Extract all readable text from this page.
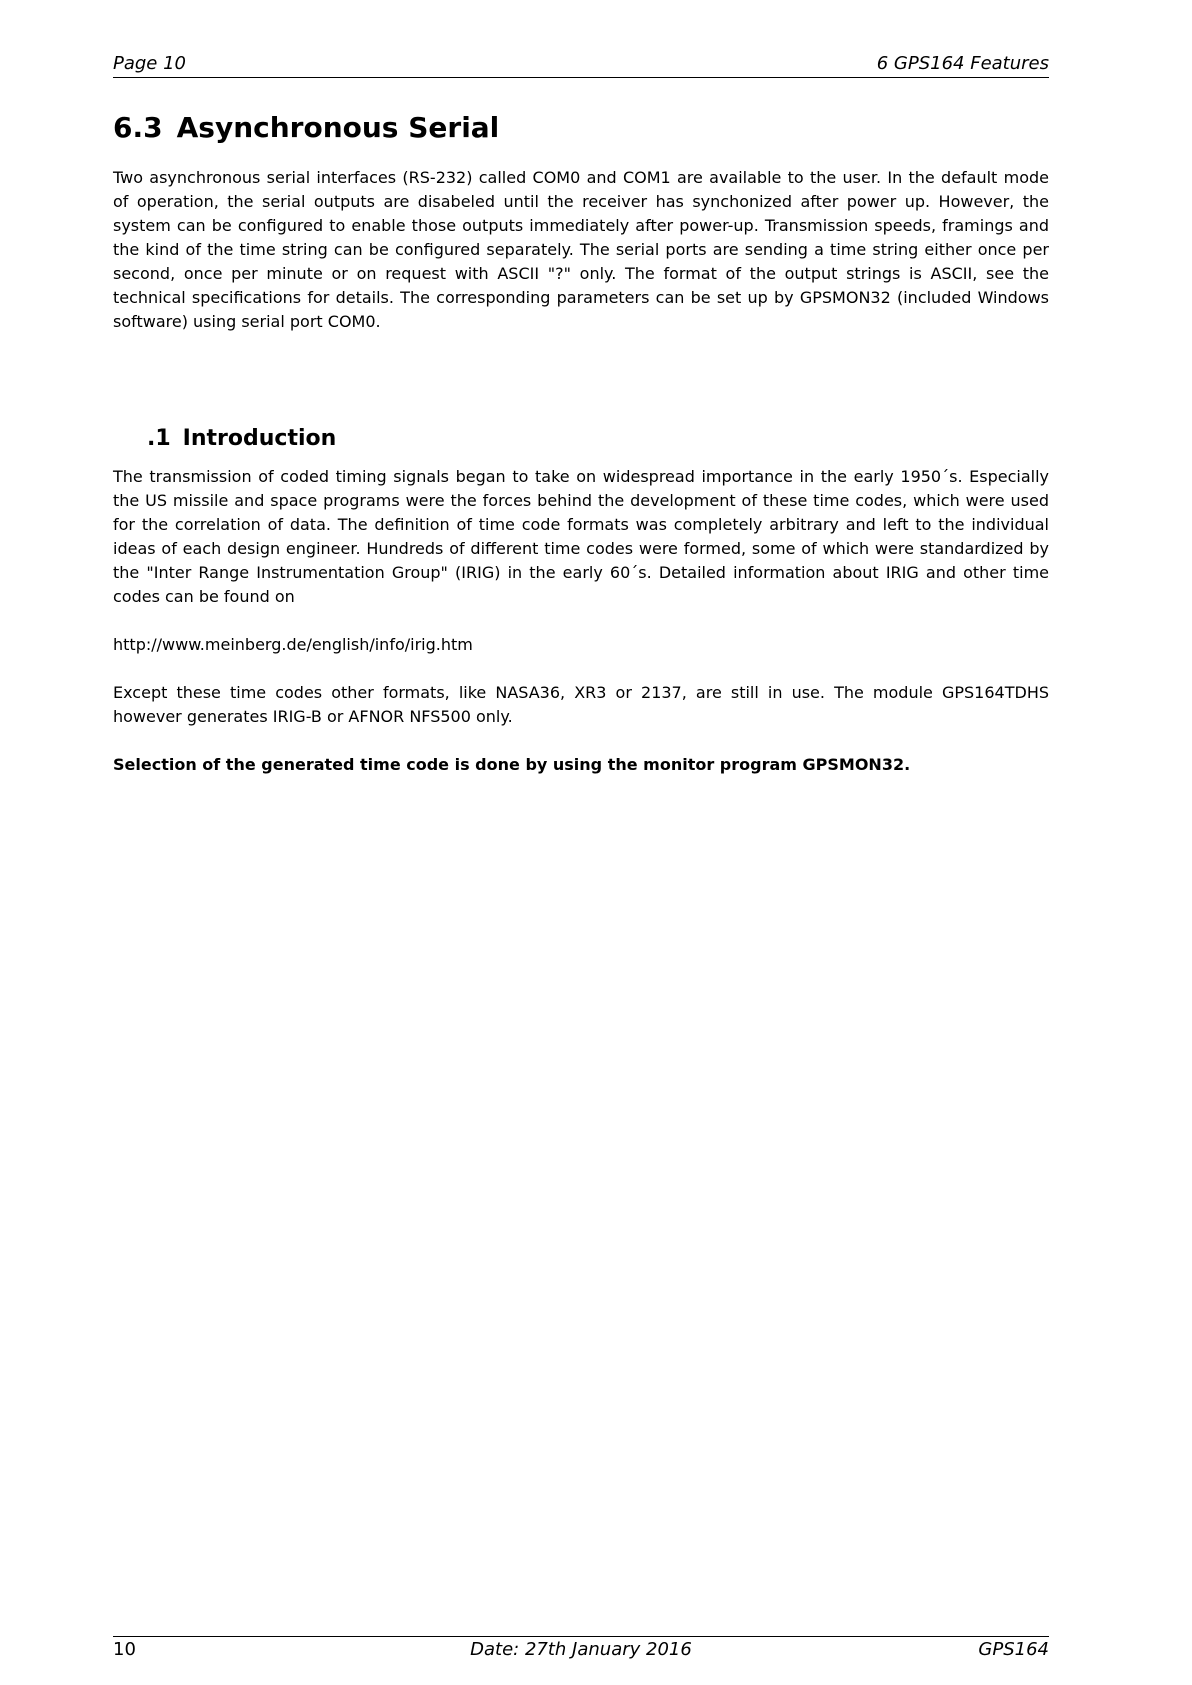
Page 10	6 GPS164 Features
6.3 Asynchronous Serial

Two asynchronous serial interfaces (RS-232) called COM0 and COM1 are available to the user. In the default mode of operation, the serial outputs are disabeled until the receiver has synchonized after power up. However, the system can be configured to enable those outputs immediately after power-up. Transmission speeds, framings and the kind of the time string can be configured separately. The serial ports are sending a time string either once per second, once per minute or on request with ASCII "?" only. The format of the output strings is ASCII, see the technical specifications for details. The corresponding parameters can be set up by GPSMON32 (included Windows software) using serial port COM0.

.1 Introduction

The transmission of coded timing signals began to take on widespread importance in the early 1950´s. Especially the US missile and space programs were the forces behind the development of these time codes, which were used for the correlation of data. The definition of time code formats was completely arbitrary and left to the individual ideas of each design engineer. Hundreds of different time codes were formed, some of which were standardized by the "Inter Range Instrumentation Group" (IRIG) in the early 60´s. Detailed information about IRIG and other time codes can be found on

http://www.meinberg.de/english/info/irig.htm

Except these time codes other formats, like NASA36, XR3 or 2137, are still in use. The module GPS164TDHS however generates IRIG-B or AFNOR NFS500 only.

Selection of the generated time code is done by using the monitor program GPSMON32.

10	Date: 27th January 2016	GPS164
